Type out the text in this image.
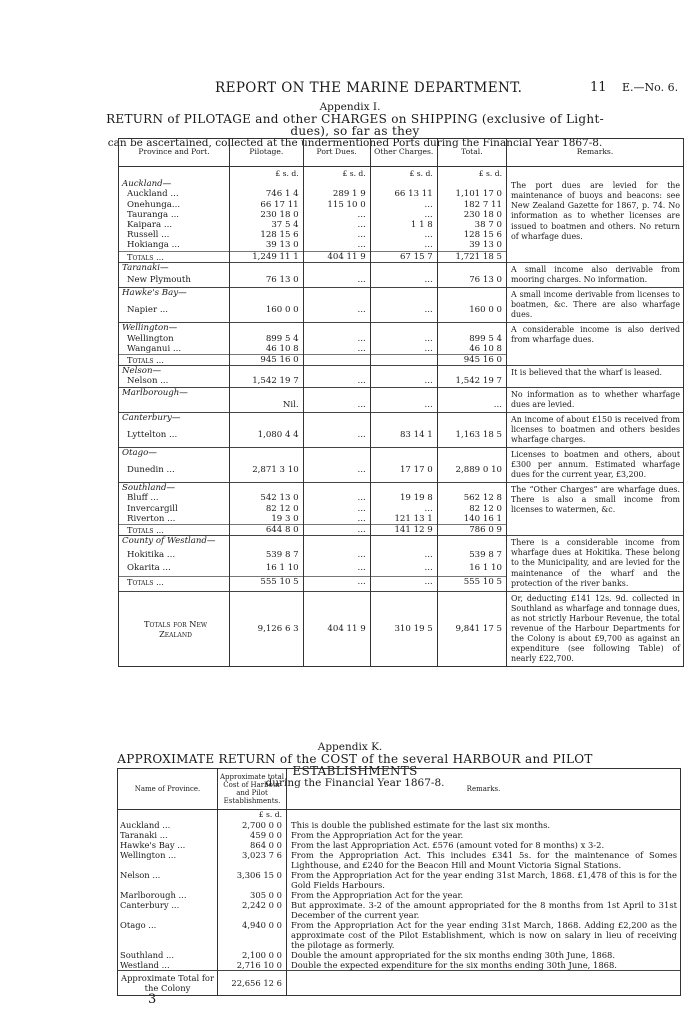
REPORT ON THE MARINE DEPARTMENT.	11 E.—No. 6.
Appendix I.
RETURN of PILOTAGE and other CHARGES on SHIPPING (exclusive of Light-dues), so far as they
can be ascertained, collected at the undermentioned Ports during the Financial Year 1867-8.
Province and Port.	Pilotage.	Port Dues.	Other Charges.	Total.	Remarks.
	£ s. d.	£ s. d.	£ s. d.	£ s. d.	
Auckland—					The port dues are levied for the maintenance of buoys and beacons: see New Zealand Gazette for 1867, p. 74. No information as to whether licenses are issued to boatmen and others. No return of wharfage dues.
Auckland ...	746 1 4	289 1 9	66 13 11	1,101 17 0	
Onehunga...	66 17 11	115 10 0	...	182 7 11	
Tauranga ...	230 18 0	...	...	230 18 0	
Kaipara ...	37 5 4	...	1 1 8	38 7 0	
Russell ...	128 15 6	...	...	128 15 6	
Hokianga ...	39 13 0	...	...	39 13 0	
Totals ...	1,249 11 1	404 11 9	67 15 7	1,721 18 5	
Taranaki—					A small income also derivable from mooring charges. No information.
New Plymouth	76 13 0	...	...	76 13 0	
Hawke's Bay—					A small income derivable from licenses to boatmen, &c. There are also wharfage dues.
Napier ...	160 0 0	...	...	160 0 0	
Wellington—					A considerable income is also derived from wharfage dues.
Wellington	899 5 4	...	...	899 5 4	
Wanganui ...	46 10 8	...	...	46 10 8	
Totals ...	945 16 0			945 16 0	
Nelson—					It is believed that the wharf is leased.
Nelson ...	1,542 19 7	...	...	1,542 19 7	
Marlborough—					No information as to whether wharfage dues are levied.
	Nil.	...	...	...	
Canterbury—					An income of about £150 is received from licenses to boatmen and others besides wharfage charges.
Lyttelton ...	1,080 4 4	...	83 14 1	1,163 18 5	
Otago—					Licenses to boatmen and others, about £300 per annum. Estimated wharfage dues for the current year, £3,200.
Dunedin ...	2,871 3 10	...	17 17 0	2,889 0 10	
Southland—					The “Other Charges” are wharfage dues. There is also a small income from licenses to watermen, &c.
Bluff ...	542 13 0	...	19 19 8	562 12 8	
Invercargill	82 12 0	...	...	82 12 0	
Riverton ...	19 3 0	...	121 13 1	140 16 1	
Totals ...	644 8 0	...	141 12 9	786 0 9	
County of Westland—					There is a considerable income from wharfage dues at Hokitika. These belong to the Municipality, and are levied for the maintenance of the wharf and the protection of the river banks.
Hokitika ...	539 8 7	...	...	539 8 7	
Okarita ...	16 1 10	...	...	16 1 10	
Totals ...	555 10 5	...	...	555 10 5	

Totals for New
Zealand	9,126 6 3	404 11 9	310 19 5	9,841 17 5	Or, deducting £141 12s. 9d. collected in Southland as wharfage and tonnage dues, as not strictly Harbour Revenue, the total revenue of the Harbour Departments for the Colony is about £9,700 as against an expenditure (see following Table) of nearly £22,700.
Appendix K.
APPROXIMATE RETURN of the COST of the several HARBOUR and PILOT ESTABLISHMENTS
during the Financial Year 1867-8.
Name of Province.	Approximate total Cost of Harbour and Pilot Establishments.	Remarks.
	£ s. d.	
Auckland ...	2,700 0 0	This is double the published estimate for the last six months.
Taranaki ...	459 0 0	From the Appropriation Act for the year.
Hawke's Bay ...	864 0 0	From the last Appropriation Act. £576 (amount voted for 8 months) x 3-2.
Wellington ...	3,023 7 6	From the Appropriation Act. This includes £341 5s. for the maintenance of Somes Lighthouse, and £240 for the Beacon Hill and Mount Victoria Signal Stations.
Nelson ...	3,306 15 0	From the Appropriation Act for the year ending 31st March, 1868. £1,478 of this is for the Gold Fields Harbours.
Marlborough ...	305 0 0	From the Appropriation Act for the year.
Canterbury ...	2,242 0 0	But approximate. 3-2 of the amount appropriated for the 8 months from 1st April to 31st December of the current year.
Otago ...	4,940 0 0	From the Appropriation Act for the year ending 31st March, 1868. Adding £2,200 as the approximate cost of the Pilot Establishment, which is now on salary in lieu of receiving the pilotage as formerly.
Southland ...	2,100 0 0	Double the amount appropriated for the six months ending 30th June, 1868.
Westland ...	2,716 10 0	Double the expected expenditure for the six months ending 30th June, 1868.

Approximate Total for
the Colony	22,656 12 6	
3
